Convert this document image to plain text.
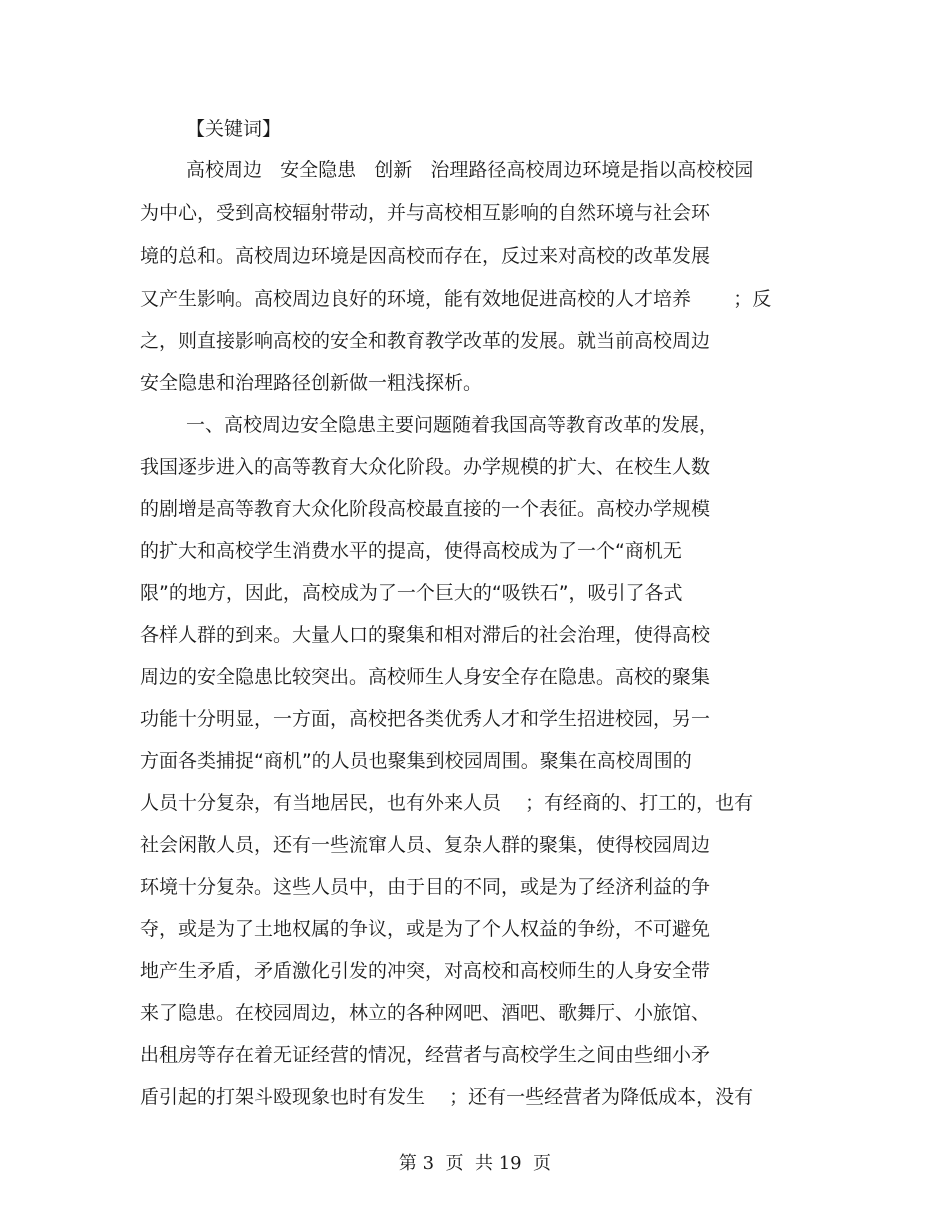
【关键词】
高校周边   安全隐患   创新   治理路径高校周边环境是指以高校校园
为中心，受到高校辐射带动，并与高校相互影响的自然环境与社会环
境的总和。高校周边环境是因高校而存在，反过来对高校的改革发展
又产生影响。高校周边良好的环境，能有效地促进高校的人才培养       ；反
之，则直接影响高校的安全和教育教学改革的发展。就当前高校周边
安全隐患和治理路径创新做一粗浅探析。
一、高校周边安全隐患主要问题随着我国高等教育改革的发展，
我国逐步进入的高等教育大众化阶段。办学规模的扩大、在校生人数
的剧增是高等教育大众化阶段高校最直接的一个表征。高校办学规模
的扩大和高校学生消费水平的提高，使得高校成为了一个“商机无
限”的地方，因此，高校成为了一个巨大的“吸铁石”，吸引了各式
各样人群的到来。大量人口的聚集和相对滞后的社会治理，使得高校
周边的安全隐患比较突出。高校师生人身安全存在隐患。高校的聚集
功能十分明显，一方面，高校把各类优秀人才和学生招进校园，另一
方面各类捕捉“商机”的人员也聚集到校园周围。聚集在高校周围的
人员十分复杂，有当地居民，也有外来人员    ；有经商的、打工的，也有
社会闲散人员，还有一些流窜人员、复杂人群的聚集，使得校园周边
环境十分复杂。这些人员中，由于目的不同，或是为了经济利益的争
夺，或是为了土地权属的争议，或是为了个人权益的争纷，不可避免
地产生矛盾，矛盾激化引发的冲突，对高校和高校师生的人身安全带
来了隐患。在校园周边，林立的各种网吧、酒吧、歌舞厅、小旅馆、
出租房等存在着无证经营的情况，经营者与高校学生之间由些细小矛
盾引起的打架斗殴现象也时有发生    ；还有一些经营者为降低成本，没有
第 3  页  共 19  页
